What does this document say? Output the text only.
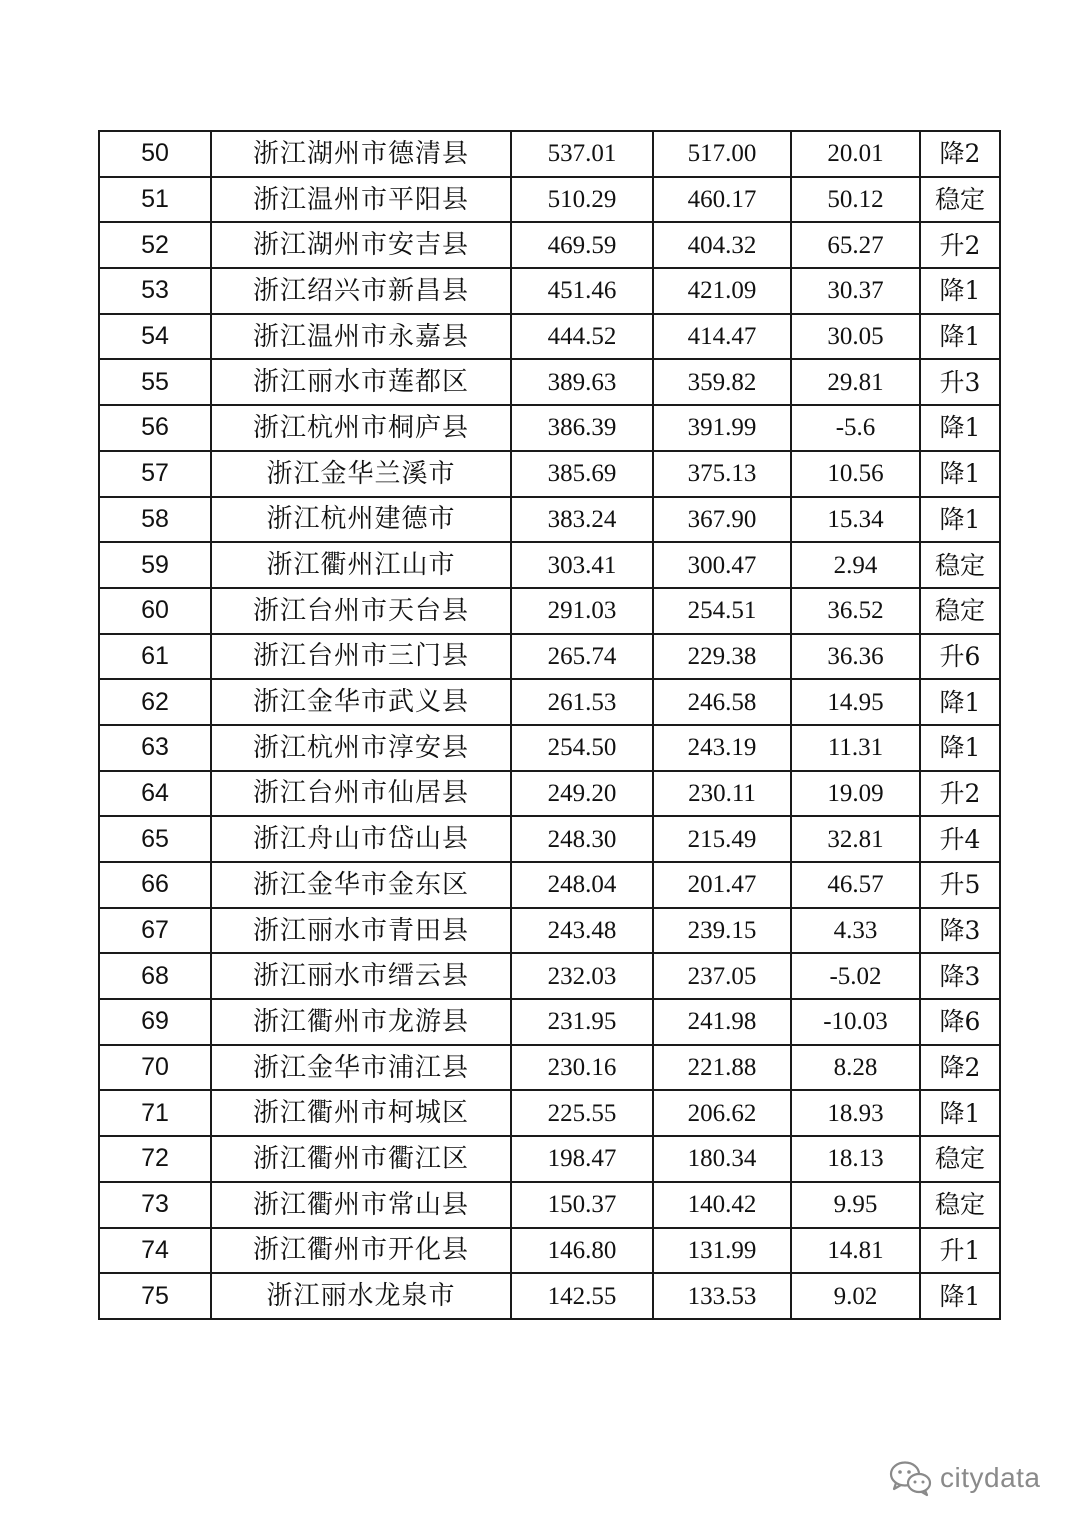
50	浙江湖州市德清县	537.01	517.00	20.01	降2
51	浙江温州市平阳县	510.29	460.17	50.12	稳定
52	浙江湖州市安吉县	469.59	404.32	65.27	升2
53	浙江绍兴市新昌县	451.46	421.09	30.37	降1
54	浙江温州市永嘉县	444.52	414.47	30.05	降1
55	浙江丽水市莲都区	389.63	359.82	29.81	升3
56	浙江杭州市桐庐县	386.39	391.99	-5.6	降1
57	浙江金华兰溪市	385.69	375.13	10.56	降1
58	浙江杭州建德市	383.24	367.90	15.34	降1
59	浙江衢州江山市	303.41	300.47	2.94	稳定
60	浙江台州市天台县	291.03	254.51	36.52	稳定
61	浙江台州市三门县	265.74	229.38	36.36	升6
62	浙江金华市武义县	261.53	246.58	14.95	降1
63	浙江杭州市淳安县	254.50	243.19	11.31	降1
64	浙江台州市仙居县	249.20	230.11	19.09	升2
65	浙江舟山市岱山县	248.30	215.49	32.81	升4
66	浙江金华市金东区	248.04	201.47	46.57	升5
67	浙江丽水市青田县	243.48	239.15	4.33	降3
68	浙江丽水市缙云县	232.03	237.05	-5.02	降3
69	浙江衢州市龙游县	231.95	241.98	-10.03	降6
70	浙江金华市浦江县	230.16	221.88	8.28	降2
71	浙江衢州市柯城区	225.55	206.62	18.93	降1
72	浙江衢州市衢江区	198.47	180.34	18.13	稳定
73	浙江衢州市常山县	150.37	140.42	9.95	稳定
74	浙江衢州市开化县	146.80	131.99	14.81	升1
75	浙江丽水龙泉市	142.55	133.53	9.02	降1
citydata
